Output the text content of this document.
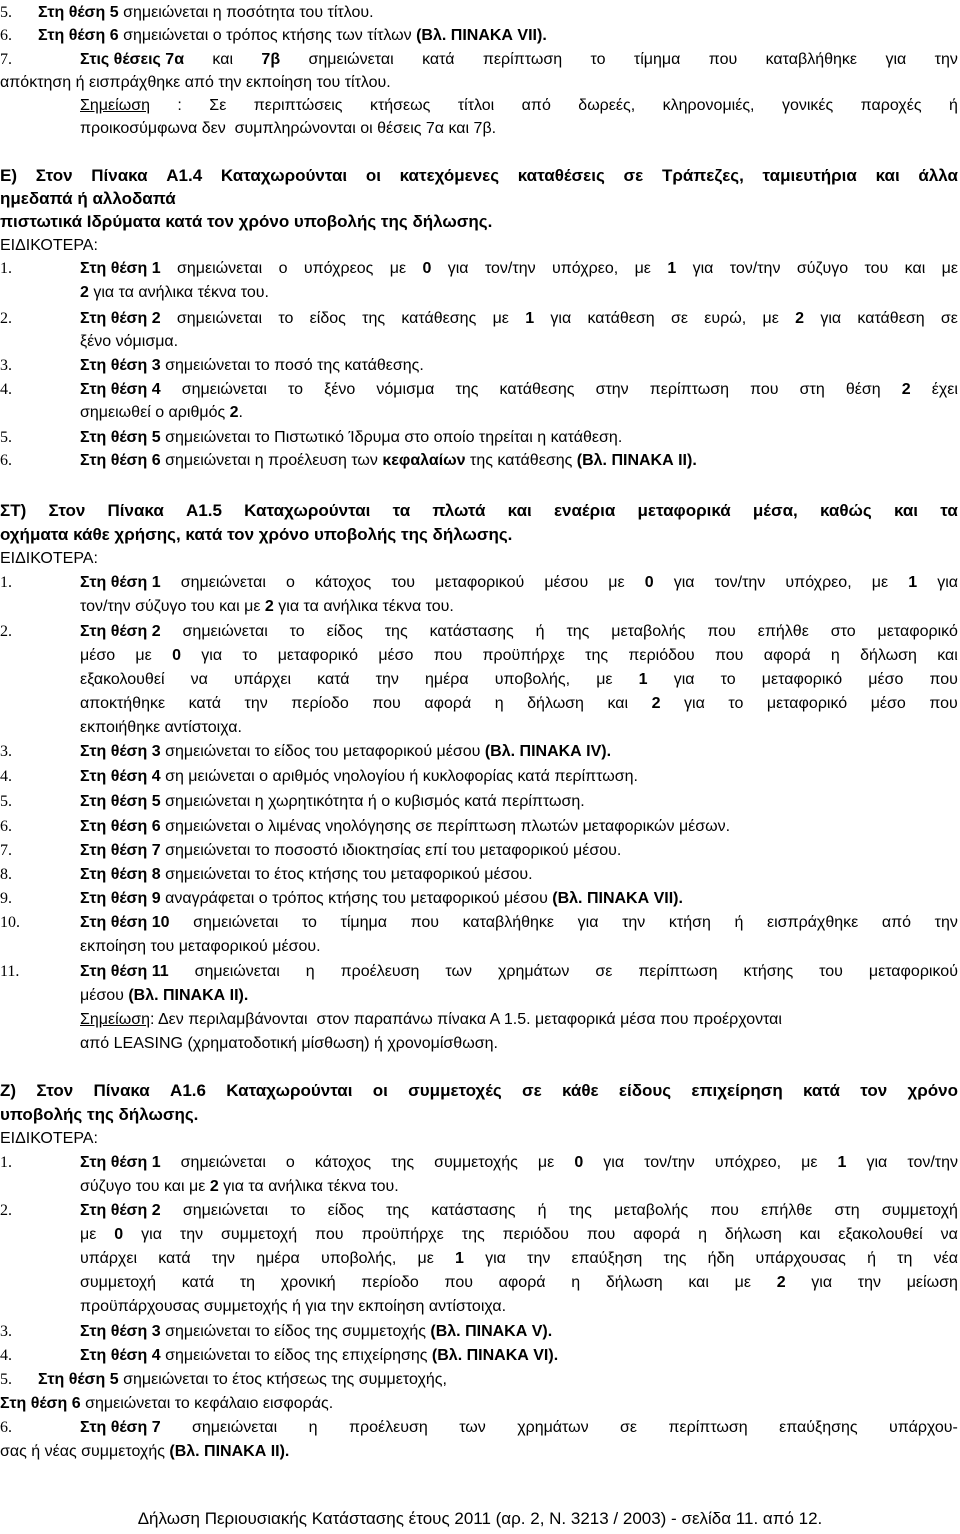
5. Στη θέση 5 σημειώνεται η ποσότητα του τίτλου.
6. Στη θέση 6 σημειώνεται ο τρόπος κτήσης των τίτλων (Βλ. ΠΙΝΑΚΑ VII).
7.	Στις θέσεις 7α και 7β σημειώνεται κατά περίπτωση το τίμημα που καταβλήθηκε για την
απόκτηση ή εισπράχθηκε από την εκποίηση του τίτλου.
Σημείωση : Σε περιπτώσεις κτήσεως τίτλοι από δωρεές, κληρονομιές, γονικές παροχές ή
προικοσύμφωνα δεν  συμπληρώνονται οι θέσεις 7α και 7β.
Ε) Στον Πίνακα Α1.4 Καταχωρούνται οι κατεχόμενες καταθέσεις σε Τράπεζες, ταμιευτήρια και άλλα
ημεδαπά ή αλλοδαπά
πιστωτικά Ιδρύματα κατά τον χρόνο υποβολής της δήλωσης.
ΕΙΔΙΚΟΤΕΡΑ:
1.	Στη θέση 1 σημειώνεται ο υπόχρεος με 0 για τον/την υπόχρεο, με 1 για τον/την σύζυγο του και με
2 για τα ανήλικα τέκνα του.
2.	Στη θέση 2 σημειώνεται το είδος της κατάθεσης με 1 για κατάθεση σε ευρώ, με 2 για κατάθεση σε
ξένο νόμισμα.
3.	Στη θέση 3 σημειώνεται το ποσό της κατάθεσης.
4.	Στη θέση 4 σημειώνεται το ξένο νόμισμα της κατάθεσης στην περίπτωση που στη θέση 2 έχει
σημειωθεί ο αριθμός 2.
5.	Στη θέση 5 σημειώνεται το Πιστωτικό Ίδρυμα στο οποίο τηρείται η κατάθεση.
6.	Στη θέση 6 σημειώνεται η προέλευση των κεφαλαίων της κατάθεσης (Βλ. ΠΙΝΑΚΑ ΙΙ).
ΣΤ) Στον Πίνακα Α1.5 Καταχωρούνται τα πλωτά και εναέρια μεταφορικά μέσα, καθώς και τα
οχήματα κάθε χρήσης, κατά τον χρόνο υποβολής της δήλωσης.
ΕΙΔΙΚΟΤΕΡΑ:
1.	Στη θέση 1 σημειώνεται ο κάτοχος του μεταφορικού μέσου με 0 για τον/την υπόχρεο, με 1 για
τον/την σύζυγο του και με 2 για τα ανήλικα τέκνα του.
2.	Στη θέση 2 σημειώνεται το είδος της κατάστασης ή της μεταβολής που επήλθε στο μεταφορικό
μέσο με 0 για το μεταφορικό μέσο που προϋπήρχε της περιόδου που αφορά η δήλωση και
εξακολουθεί να υπάρχει κατά την ημέρα υποβολής, με 1 για το μεταφορικό μέσο που
αποκτήθηκε κατά την περίοδο που αφορά η δήλωση και 2 για το μεταφορικό μέσο που
εκποιήθηκε αντίστοιχα.
3.	Στη θέση 3 σημειώνεται το είδος του μεταφορικού μέσου (Βλ. ΠΙΝΑΚΑ IV).
4.	Στη θέση 4 ση μειώνεται ο αριθμός νηολογίου ή κυκλοφορίας κατά περίπτωση.
5.	Στη θέση 5 σημειώνεται η χωρητικότητα ή ο κυβισμός κατά περίπτωση.
6.	Στη θέση 6 σημειώνεται ο λιμένας νηολόγησης σε περίπτωση πλωτών μεταφορικών μέσων.
7.	Στη θέση 7 σημειώνεται το ποσοστό ιδιοκτησίας επί του μεταφορικού μέσου.
8.	Στη θέση 8 σημειώνεται το έτος κτήσης του μεταφορικού μέσου.
9.	Στη θέση 9 αναγράφεται ο τρόπος κτήσης του μεταφορικού μέσου (Βλ. ΠΙΝΑΚΑ VII).
10.	Στη θέση 10 σημειώνεται το τίμημα που καταβλήθηκε για την κτήση ή εισπράχθηκε από την
εκποίηση του μεταφορικού μέσου.
11.	Στη θέση 11 σημειώνεται η προέλευση των χρημάτων σε περίπτωση κτήσης του μεταφορικού
μέσου (Βλ. ΠΙΝΑΚΑ ΙΙ).
Σημείωση: Δεν περιλαμβάνονται  στον παραπάνω πίνακα Α 1.5. μεταφορικά μέσα που προέρχονται
από LEASING (χρηματοδοτική μίσθωση) ή χρονομίσθωση.
Ζ) Στον Πίνακα Α1.6 Καταχωρούνται οι συμμετοχές σε κάθε είδους επιχείρηση κατά τον χρόνο
υποβολής της δήλωσης.
ΕΙΔΙΚΟΤΕΡΑ:
1.	Στη θέση 1 σημειώνεται ο κάτοχος της συμμετοχής με 0 για τον/την υπόχρεο, με 1 για τον/την
σύζυγο του και με 2 για τα ανήλικα τέκνα του.
2.	Στη θέση 2 σημειώνεται το είδος της κατάστασης ή της μεταβολής που επήλθε στη συμμετοχή
με 0 για την συμμετοχή που προϋπήρχε της περιόδου που αφορά η δήλωση και εξακολουθεί να
υπάρχει κατά την ημέρα υποβολής, με 1 για την επαύξηση της ήδη υπάρχουσας ή τη νέα
συμμετοχή κατά τη χρονική περίοδο που αφορά η δήλωση και με 2 για την μείωση
προϋπάρχουσας συμμετοχής ή για την εκποίηση αντίστοιχα.
3.	Στη θέση 3 σημειώνεται το είδος της συμμετοχής (Βλ. ΠΙΝΑΚΑ V).
4.	Στη θέση 4 σημειώνεται το είδος της επιχείρησης (Βλ. ΠΙΝΑΚΑ VI).
5. Στη θέση 5 σημειώνεται το έτος κτήσεως της συμμετοχής,
Στη θέση 6 σημειώνεται το κεφάλαιο εισφοράς.
6.	Στη θέση 7 σημειώνεται η προέλευση των χρημάτων σε περίπτωση επαύξησης υπάρχου-
σας ή νέας συμμετοχής (Βλ. ΠΙΝΑΚΑ ΙΙ).
Δήλωση Περιουσιακής Κατάστασης έτους 2011 (αρ. 2, Ν. 3213 / 2003) - σελίδα 11. από 12.
